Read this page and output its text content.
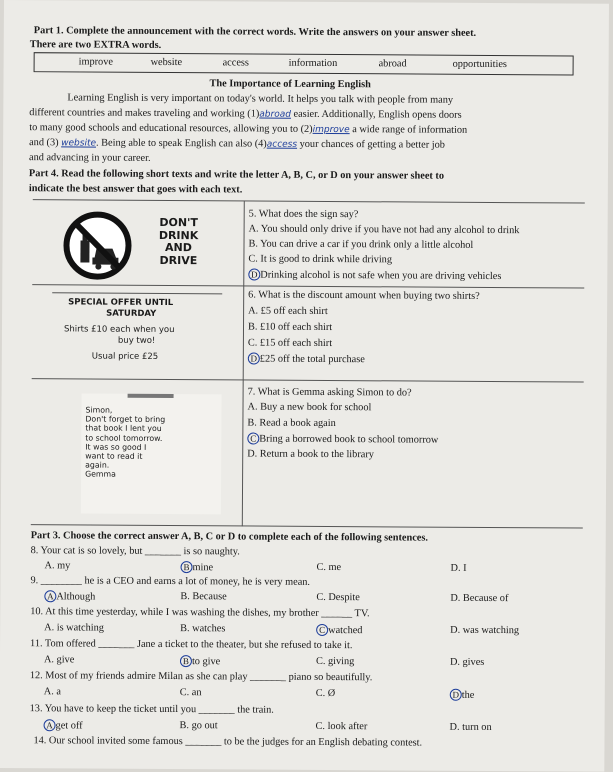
Part 1. Complete the announcement with the correct words. Write the answers on your answer sheet.
There are two EXTRA words.
improve	website	access	information	abroad	opportunities
The Importance of Learning English
Learning English is very important on today's world. It helps you talk with people from many
different countries and makes traveling and working (1)abroad easier. Additionally, English opens doors
to many good schools and educational resources, allowing you to (2)improve a wide range of information
and (3) website. Being able to speak English can also (4)access your chances of getting a better job
and advancing in your career.
Part 4. Read the following short texts and write the letter A, B, C, or D on your answer sheet to
indicate the best answer that goes with each text.
DON'T
DRINK
AND
DRIVE
5. What does the sign say?
A. You should only drive if you have not had any alcohol to drink
B. You can drive a car if you drink only a little alcohol
C. It is good to drink while driving
D Drinking alcohol is not safe when you are driving vehicles
SPECIAL OFFER UNTIL
SATURDAY
Shirts £10 each when you
buy two!
Usual price £25
6. What is the discount amount when buying two shirts?
A. £5 off each shirt
B. £10 off each shirt
C. £15 off each shirt
D £25 off the total purchase
Simon,
Don't forget to bring
that book I lent you
to school tomorrow.
It was so good I
want to read it
again.
Gemma
7. What is Gemma asking Simon to do?
A. Buy a new book for school
B. Read a book again
C Bring a borrowed book to school tomorrow
D. Return a book to the library
Part 3. Choose the correct answer A, B, C or D to complete each of the following sentences.
8. Your cat is so lovely, but _______ is so naughty.
A. my	B mine	C. me	D. I
9. ________ he is a CEO and earns a lot of money, he is very mean.
A Although	B. Because	C. Despite	D. Because of
10. At this time yesterday, while I was washing the dishes, my brother ______ TV.
A. is watching	B. watches	C watched	D. was watching
11. Tom offered _______ Jane a ticket to the theater, but she refused to take it.
A. give	B to give	C. giving	D. gives
12. Most of my friends admire Milan as she can play _______ piano so beautifully.
A. a	C. an	C. Ø	D the
13. You have to keep the ticket until you _______ the train.
A get off	B. go out	C. look after	D. turn on
14. Our school invited some famous _______ to be the judges for an English debating contest.
